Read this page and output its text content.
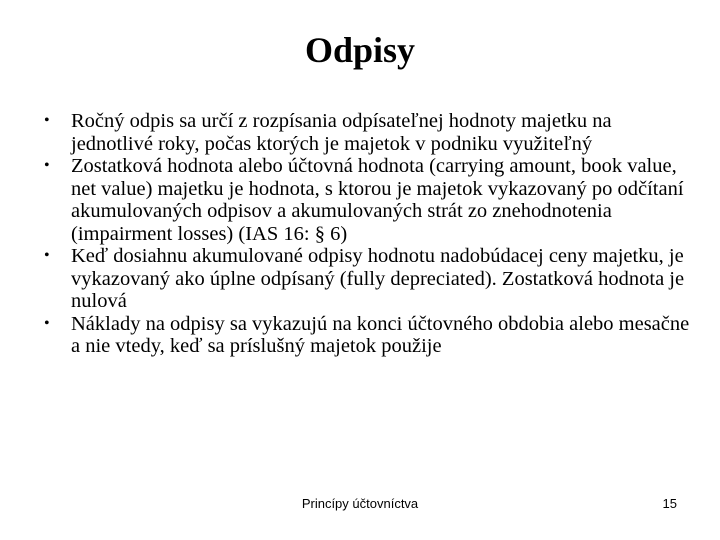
Odpisy
•	Ročný odpis sa určí z rozpísania odpísateľnej hodnoty majetku na jednotlivé roky, počas ktorých je majetok v podniku využiteľný
•	Zostatková hodnota alebo účtovná hodnota (carrying amount, book value, net value) majetku je hodnota, s ktorou je majetok vykazovaný po odčítaní akumulovaných odpisov a akumulovaných strát zo znehodnotenia (impairment losses) (IAS 16: § 6)
•	Keď dosiahnu akumulované odpisy hodnotu nadobúdacej ceny majetku, je vykazovaný ako úplne odpísaný (fully depreciated). Zostatková hodnota je nulová
•	Náklady na odpisy sa vykazujú na konci účtovného obdobia alebo mesačne a nie vtedy, keď sa príslušný majetok použije
Princípy účtovníctva	15
